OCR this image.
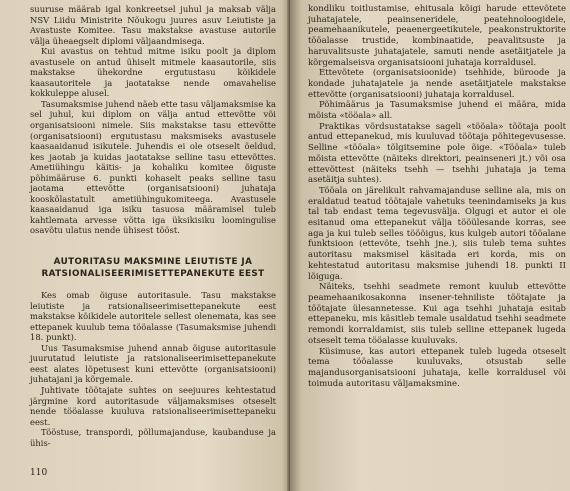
suuruse määrab igal konkreetsel juhul ja maksab välja NSV Liidu Ministrite Nõukogu juures asuv Leiutiste ja Avastuste Komitee. Tasu makstakse avastuse autorile välja üheaegselt diplomi väljaandmisega.

Kui avastus on tehtud mitme isiku poolt ja diplom avastusele on antud ühiselt mitmele kaasautorile, siis makstakse ühekordne ergutustasu kõikidele kaasautoritele ja jaotatakse nende omavahelise kokkuleppe alusel.

Tasumaksmise juhend näeb ette tasu väljamaksmise ka sel juhul, kui diplom on välja antud ettevõtte või organisatsiooni nimele. Siis makstakse tasu ettevõtte (organisatsiooni) ergutustasu maksmiseks avastusele kaasaaidanud isikutele. Juhendis ei ole otseselt öeldud, kes jaotab ja kuidas jaotatakse selline tasu ettevõttes. Ametiühingu käitis- ja kohaliku komitee õiguste põhimääruse 6. punkti kohaselt peaks selline tasu jaotama ettevõtte (organisatsiooni) juhataja kooskõlastatult ametiühingukomiteega. Avastusele kaasaaidanud iga isiku tasuosa määramisel tuleb kahtlemata arvesse võtta iga üksikisiku loomingulise osavõtu ulatus nende ühisest tööst.

AUTORITASU MAKSMINE LEIUTISTE JA RATSIONALISEERIMISETTEPANEKUTE EEST

Kes omab õiguse autoritasule. Tasu makstakse leiutiste ja ratsionaliseerimisettepanekute eest makstakse kõikidele autoritele sellest olenemata, kas see ettepanek kuulub tema tööalasse (Tasumaksmise juhendi 18. punkt).

Uus Tasumaksmise juhend annab õiguse autoritasule juurutatud leiutiste ja ratsionaliseerimisettepanekute eest alates lõpetusest kuni ettevõtte (organisatsiooni) juhatajani ja kõrgemale.

Juhtivate töötajate suhtes on seejuures kehtestatud järgmine kord autoritasude väljamaksmises otseselt nende tööalasse kuuluva ratsionaliseerimisettepaneku eest.

Tööstuse, transpordi, põllumajanduse, kaubanduse ja ühis-

110

kondliku toitlustamise, ehitusala kõigi harude ettevõtete juhatajatele, peainseneridele, peatehnoloogidele, peamehaanikutele, peaenergeetikutele, peakonstruktorite tööalasse trustide, kombinaatide, peavalitsuste ja haruvalitsuste juhatajatele, samuti nende asetäitjatele ja kõrgemalseisva organisatsiooni juhataja korraldusel.

Ettevõtete (organisatsioonide) tsehhide, büroode ja kondade juhatajatele ja nende asetäitjatele makstakse ettevõtte (organisatsiooni) juhataja korraldusel.

Põhimäärus ja Tasumaksmise juhend ei määra, mida mõista «tööala» all.

Praktikas võrdsustatakse sageli «tööala» töötaja poolt antud ettepanekud, mis kuuluvad töötaja põhitegevusesse. Selline «tööala» tõlgitsemine pole õige. «Tööala» tuleb mõista ettevõtte (näiteks direktori, peainseneri jt.) või osa ettevõttest (näiteks tsehh — tsehhi juhataja ja tema asetäitja suhtes).

Tööala on järelikult rahvamajanduse selline ala, mis on eraldatud teatud töötajale vahetuks teenindamiseks ja kus tal tab endast tema tegevusvälja. Olgugi et autor ei ole esitanud oma ettepanekut välja tööülesande korras, see aga ja kui tuleb selles tööõigus, kus kulgeb autori tööalane funktsioon (ettevõte, tsehh jne.), siis tuleb tema suhtes autoritasu maksmisel käsitada eri korda, mis on kehtestatud autoritasu maksmise juhendi 18. punkti II lõiguga.

Näiteks, tsehhi seadmete remont kuulub ettevõtte peamehaanikosakonna insener-tehniliste töötajate ja töötajate ülesannetesse. Kui aga tsehhi juhataja esitab ettepaneku, mis käsitleb temale usaldatud tsehhi seadmete remondi korraldamist, siis tuleb selline ettepanek lugeda otseselt tema tööalasse kuuluvaks.

Küsimuse, kas autori ettepanek tuleb lugeda otseselt tema tööalasse kuuluvaks, otsustab selle majandusorganisatsiooni juhataja, kelle korraldusel või toimuda autoritasu väljamaksmine.
